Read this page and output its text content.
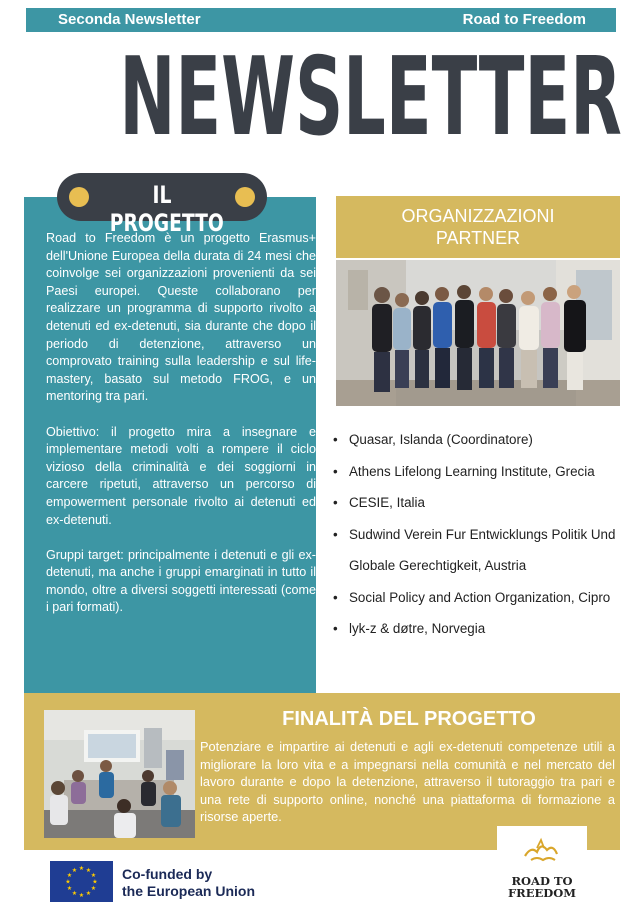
Seconda Newsletter	Road to Freedom
NEWSLETTER

Road to Freedom è un progetto Erasmus+ dell'Unione Europea della durata di 24 mesi che coinvolge sei organizzazioni provenienti da sei Paesi europei. Queste collaborano per realizzare un programma di supporto rivolto a detenuti ed ex-detenuti, sia durante che dopo il periodo di detenzione, attraverso un comprovato training sulla leadership e sul life-mastery, basato sul metodo FROG, e un mentoring tra pari.

Obiettivo: il progetto mira a insegnare e implementare metodi volti a rompere il ciclo vizioso della criminalità e dei soggiorni in carcere ripetuti, attraverso un percorso di empowerment personale rivolto ai detenuti ed ex-detenuti.

Gruppi target: principalmente i detenuti e gli ex-detenuti, ma anche i gruppi emarginati in tutto il mondo, oltre a diversi soggetti interessati (come i pari formati).

IL PROGETTO	ORGANIZZAZIONI
PARTNER
• Quasar, Islanda (Coordinatore)
• Athens Lifelong Learning Institute, Grecia
• CESIE, Italia
• Sudwind Verein Fur Entwicklungs Politik Und Globale Gerechtigkeit, Austria
• Social Policy and Action Organization, Cipro
• lyk-z & døtre, Norvegia
FINALITÀ DEL PROGETTO
Potenziare e impartire ai detenuti e agli ex-detenuti competenze utili a migliorare la loro vita e a impegnarsi nella comunità e nel mercato del lavoro durante e dopo la detenzione, attraverso il tutoraggio tra pari e una rete di supporto online, nonché una piattaforma di formazione a risorse aperte.
ROAD TO
FREEDOM
★ ★
★
★
★
★
★
★
★
★
★
★	Co-funded by
the European Union
